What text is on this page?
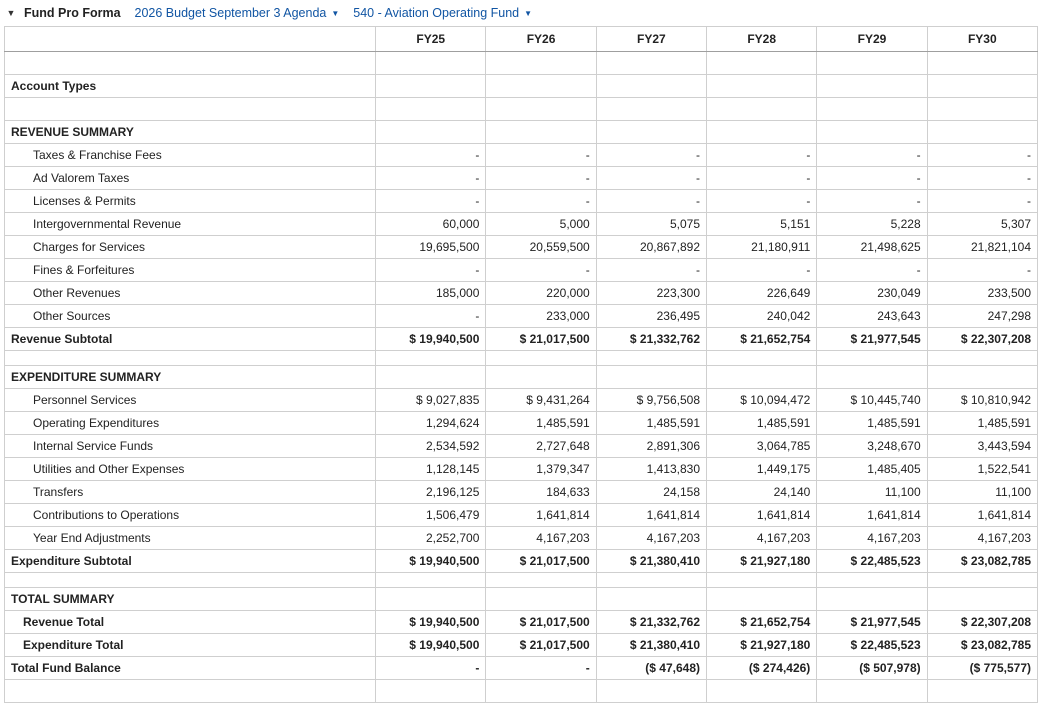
▼ Fund Pro Forma 2026 Budget September 3 Agenda ▼ 540 - Aviation Operating Fund ▼
	FY25	FY26	FY27	FY28	FY29	FY30

Account Types						

REVENUE SUMMARY						
Taxes & Franchise Fees	-	-	-	-	-	-
Ad Valorem Taxes	-	-	-	-	-	-
Licenses & Permits	-	-	-	-	-	-
Intergovernmental Revenue	60,000	5,000	5,075	5,151	5,228	5,307
Charges for Services	19,695,500	20,559,500	20,867,892	21,180,911	21,498,625	21,821,104
Fines & Forfeitures	-	-	-	-	-	-
Other Revenues	185,000	220,000	223,300	226,649	230,049	233,500
Other Sources	-	233,000	236,495	240,042	243,643	247,298
Revenue Subtotal	$ 19,940,500	$ 21,017,500	$ 21,332,762	$ 21,652,754	$ 21,977,545	$ 22,307,208

EXPENDITURE SUMMARY						
Personnel Services	$ 9,027,835	$ 9,431,264	$ 9,756,508	$ 10,094,472	$ 10,445,740	$ 10,810,942
Operating Expenditures	1,294,624	1,485,591	1,485,591	1,485,591	1,485,591	1,485,591
Internal Service Funds	2,534,592	2,727,648	2,891,306	3,064,785	3,248,670	3,443,594
Utilities and Other Expenses	1,128,145	1,379,347	1,413,830	1,449,175	1,485,405	1,522,541
Transfers	2,196,125	184,633	24,158	24,140	11,100	11,100
Contributions to Operations	1,506,479	1,641,814	1,641,814	1,641,814	1,641,814	1,641,814
Year End Adjustments	2,252,700	4,167,203	4,167,203	4,167,203	4,167,203	4,167,203
Expenditure Subtotal	$ 19,940,500	$ 21,017,500	$ 21,380,410	$ 21,927,180	$ 22,485,523	$ 23,082,785

TOTAL SUMMARY						
Revenue Total	$ 19,940,500	$ 21,017,500	$ 21,332,762	$ 21,652,754	$ 21,977,545	$ 22,307,208
Expenditure Total	$ 19,940,500	$ 21,017,500	$ 21,380,410	$ 21,927,180	$ 22,485,523	$ 23,082,785
Total Fund Balance	-	-	($ 47,648)	($ 274,426)	($ 507,978)	($ 775,577)
